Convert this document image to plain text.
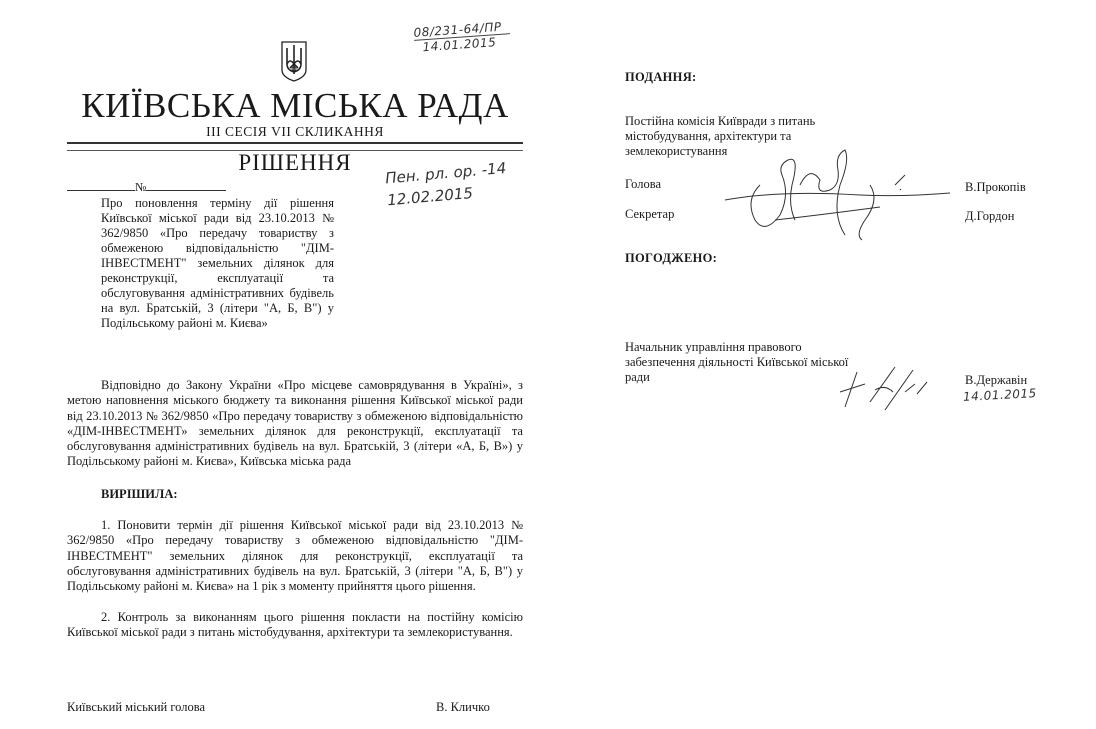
08/231-64/ПР
14.01.2015
КИЇВСЬКА МІСЬКА РАДА
III СЕСІЯ VII СКЛИКАННЯ
РІШЕННЯ	Пен. рл. ор. -14
12.02.2015
№
Про поновлення терміну дії рішення Київської міської ради від 23.10.2013 № 362/9850 «Про передачу товариству з обмеженою відповідальністю "ДІМ-ІНВЕСТМЕНТ" земельних ділянок для реконструкції, експлуатації та обслуговування адміністративних будівель на вул. Братській, 3 (літери "А, Б, В") у Подільському районі м. Києва»
Відповідно до Закону України «Про місцеве самоврядування в Україні», з метою наповнення міського бюджету та виконання рішення Київської міської ради від 23.10.2013 № 362/9850 «Про передачу товариству з обмеженою відповідальністю «ДІМ-ІНВЕСТМЕНТ» земельних ділянок для реконструкції, експлуатації та обслуговування адміністративних будівель на вул. Братській, 3 (літери «А, Б, В») у Подільському районі м. Києва», Київська міська рада
ВИРІШИЛА:
1. Поновити термін дії рішення Київської міської ради від 23.10.2013 № 362/9850 «Про передачу товариству з обмеженою відповідальністю "ДІМ-ІНВЕСТМЕНТ" земельних ділянок для реконструкції, експлуатації та обслуговування адміністративних будівель на вул. Братській, 3 (літери "А, Б, В") у Подільському районі м. Києва» на 1 рік з моменту прийняття цього рішення.
2. Контроль за виконанням цього рішення покласти на постійну комісію Київської міської ради з питань містобудування, архітектури та землекористування.
Київський міський голова	В. Кличко
ПОДАННЯ:
Постійна комісія Київради з питань містобудування, архітектури та землекористування
Голова	В.Прокопів
Секретар	Д.Гордон
ПОГОДЖЕНО:
Начальник управління правового забезпечення діяльності Київської міської ради	В.Державін
14.01.2015
